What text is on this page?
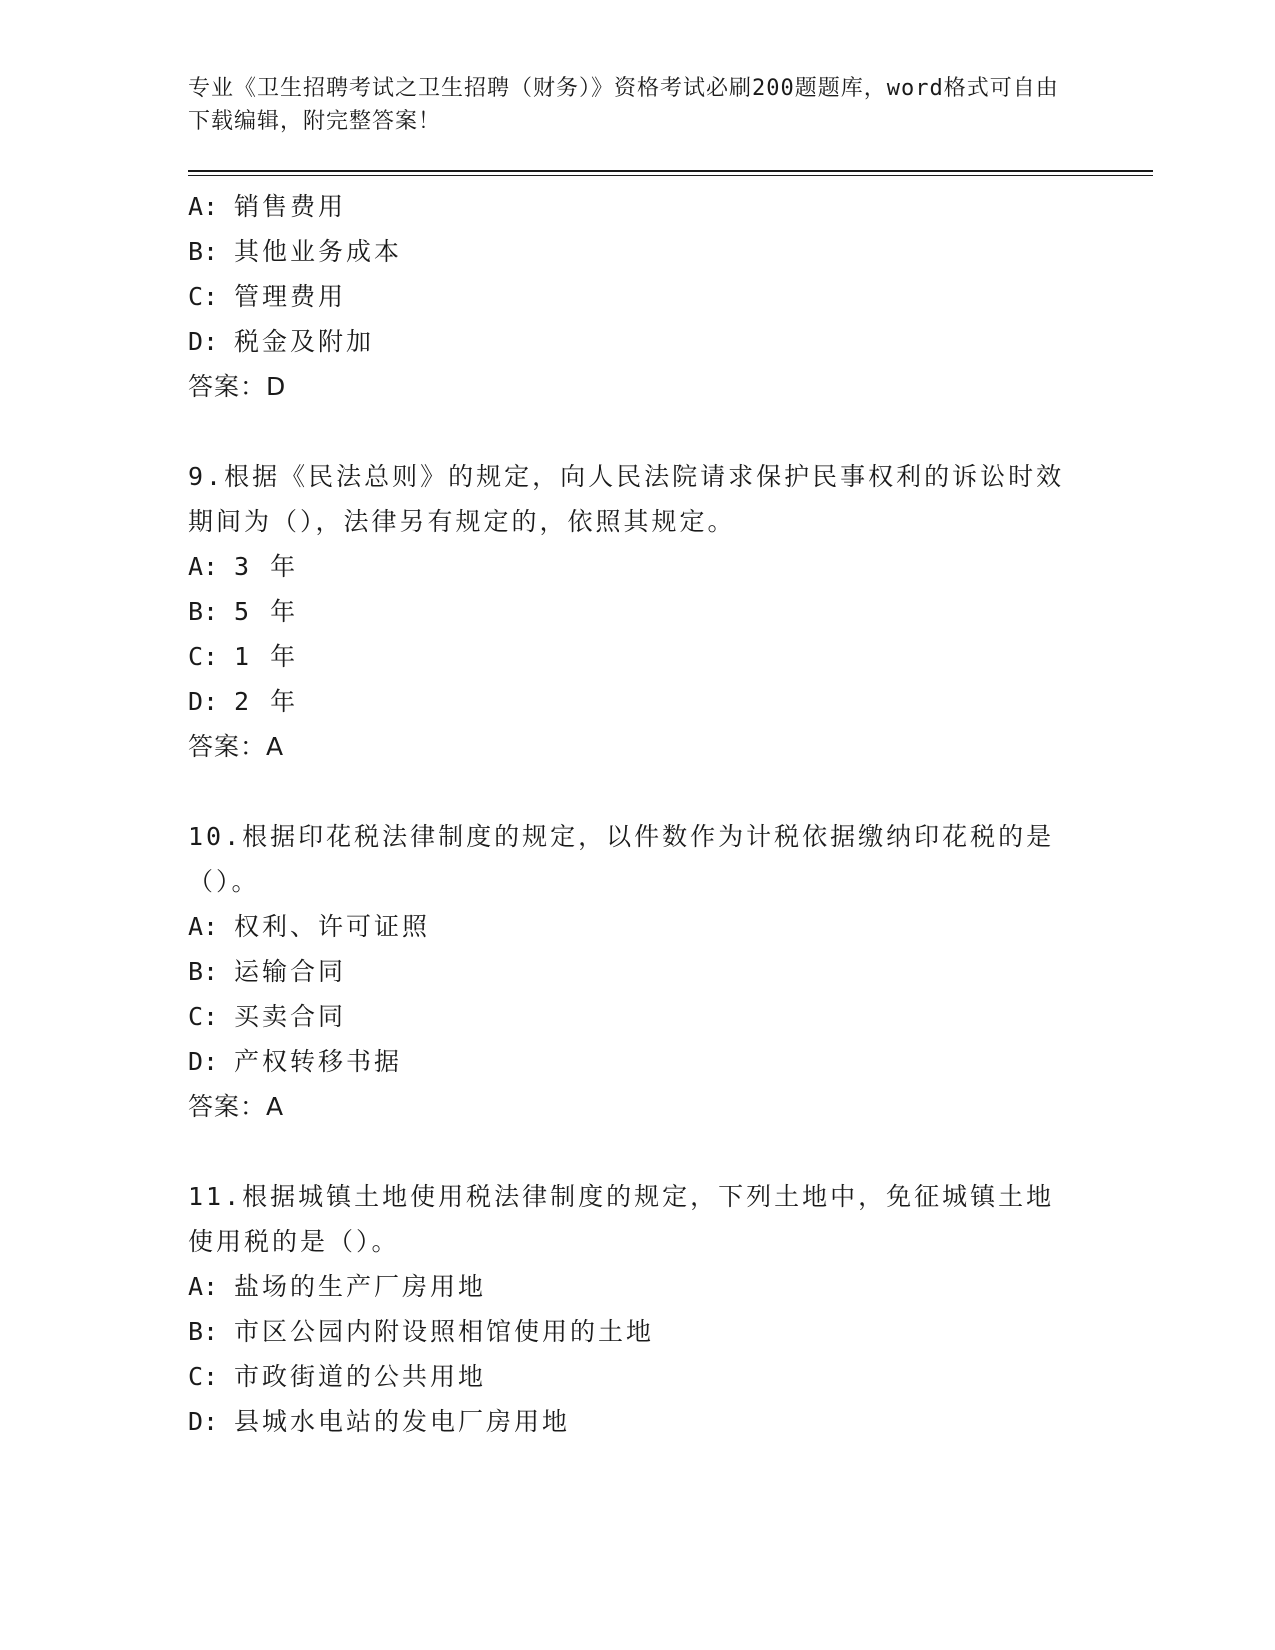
专业《卫生招聘考试之卫生招聘（财务）》资格考试必刷200题题库，word格式可自由下载编辑，附完整答案！

A: 销售费用
B: 其他业务成本
C: 管理费用
D: 税金及附加
答案：D

9.根据《民法总则》的规定，向人民法院请求保护民事权利的诉讼时效期间为（），法律另有规定的，依照其规定。

A: 3 年
B: 5 年
C: 1 年
D: 2 年
答案：A

10.根据印花税法律制度的规定，以件数作为计税依据缴纳印花税的是（）。

A: 权利、许可证照
B: 运输合同
C: 买卖合同
D: 产权转移书据
答案：A

11.根据城镇土地使用税法律制度的规定，下列土地中，免征城镇土地使用税的是（）。

A: 盐场的生产厂房用地
B: 市区公园内附设照相馆使用的土地
C: 市政街道的公共用地
D: 县城水电站的发电厂房用地
